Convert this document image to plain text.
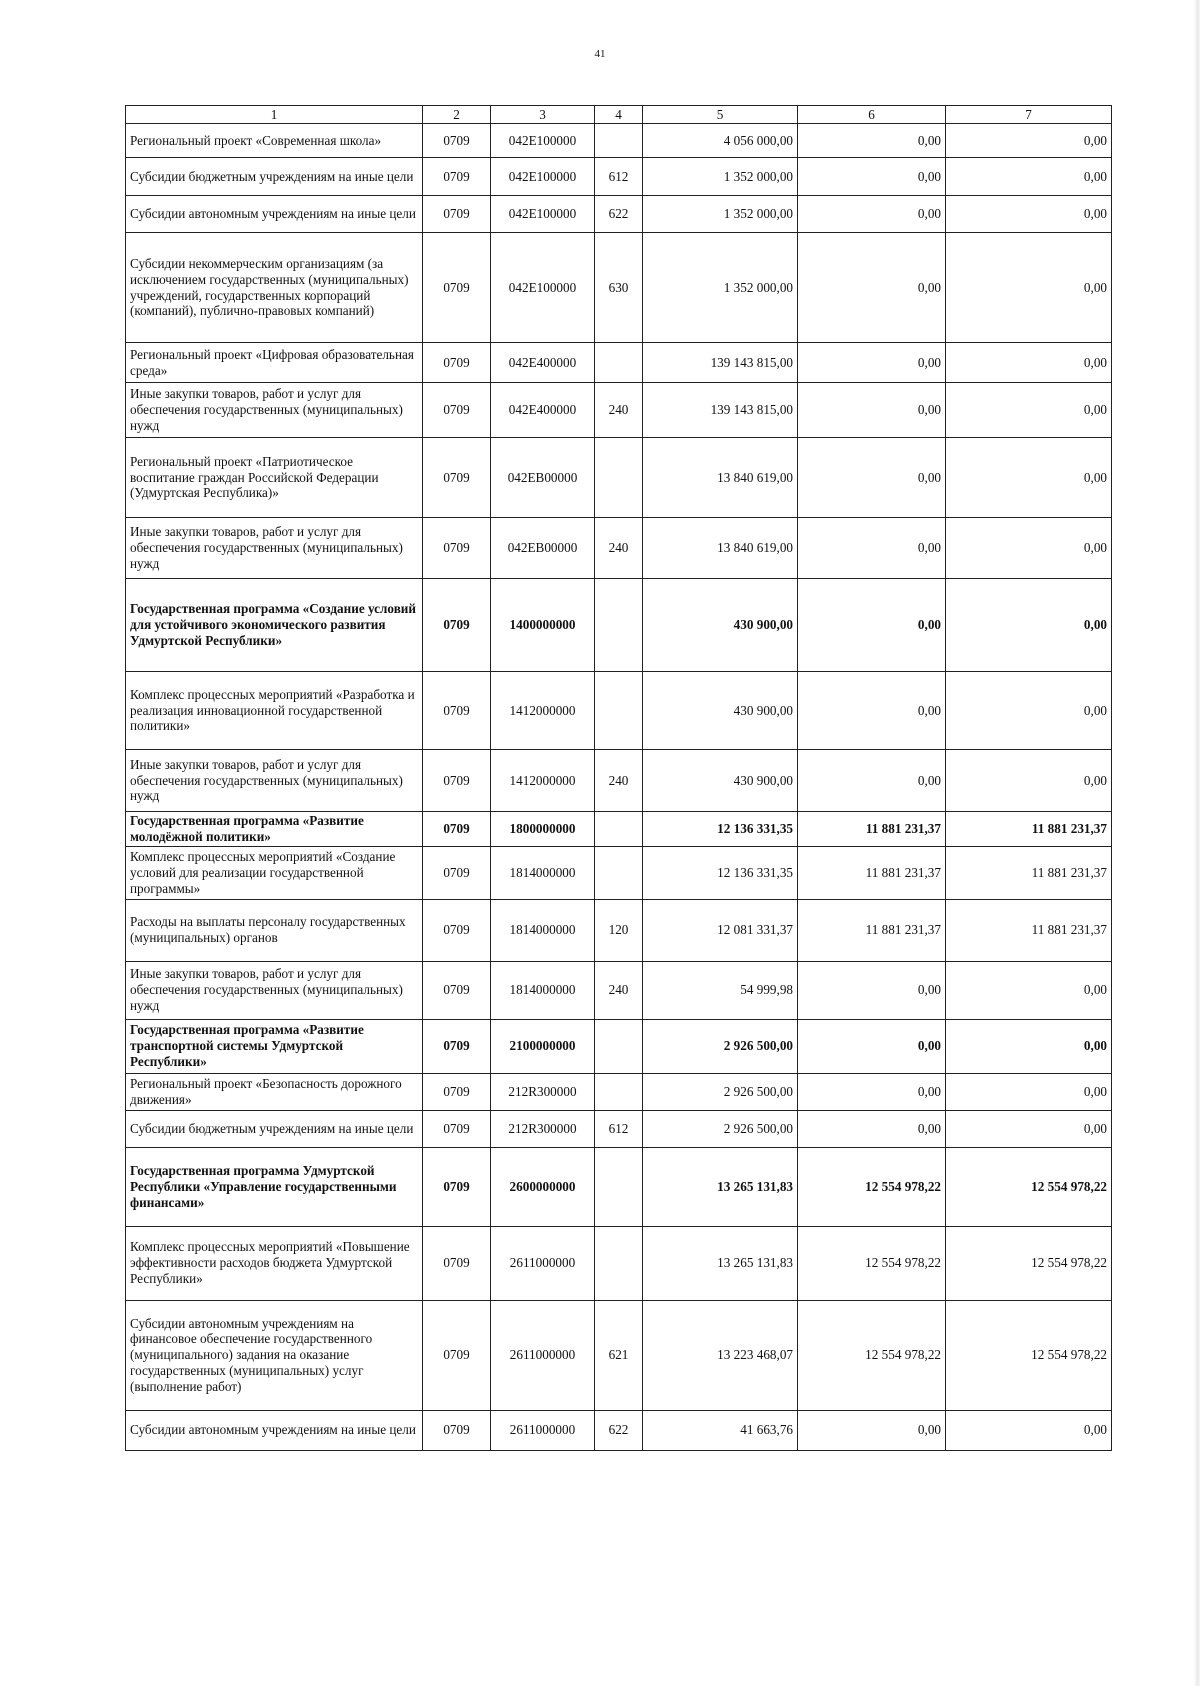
41
1	2	3	4	5	6	7
Региональный проект «Современная школа»	0709	042E100000		4 056 000,00	0,00	0,00
Субсидии бюджетным учреждениям на иные цели	0709	042E100000	612	1 352 000,00	0,00	0,00
Субсидии автономным учреждениям на иные цели	0709	042E100000	622	1 352 000,00	0,00	0,00
Субсидии некоммерческим организациям (за исключением государственных (муниципальных) учреждений, государственных корпораций (компаний), публично-правовых компаний)	0709	042E100000	630	1 352 000,00	0,00	0,00
Региональный проект «Цифровая образовательная среда»	0709	042E400000		139 143 815,00	0,00	0,00
Иные закупки товаров, работ и услуг для обеспечения государственных (муниципальных) нужд	0709	042E400000	240	139 143 815,00	0,00	0,00
Региональный проект «Патриотическое воспитание граждан Российской Федерации (Удмуртская Республика)»	0709	042EB00000		13 840 619,00	0,00	0,00
Иные закупки товаров, работ и услуг для обеспечения государственных (муниципальных) нужд	0709	042EB00000	240	13 840 619,00	0,00	0,00
Государственная программа «Создание условий для устойчивого экономического развития Удмуртской Республики»	0709	1400000000		430 900,00	0,00	0,00
Комплекс процессных мероприятий «Разработка и реализация инновационной государственной политики»	0709	1412000000		430 900,00	0,00	0,00
Иные закупки товаров, работ и услуг для обеспечения государственных (муниципальных) нужд	0709	1412000000	240	430 900,00	0,00	0,00
Государственная программа «Развитие молодёжной политики»	0709	1800000000		12 136 331,35	11 881 231,37	11 881 231,37
Комплекс процессных мероприятий «Создание условий для реализации государственной программы»	0709	1814000000		12 136 331,35	11 881 231,37	11 881 231,37
Расходы на выплаты персоналу государственных (муниципальных) органов	0709	1814000000	120	12 081 331,37	11 881 231,37	11 881 231,37
Иные закупки товаров, работ и услуг для обеспечения государственных (муниципальных) нужд	0709	1814000000	240	54 999,98	0,00	0,00
Государственная программа «Развитие транспортной системы Удмуртской Республики»	0709	2100000000		2 926 500,00	0,00	0,00
Региональный проект «Безопасность дорожного движения»	0709	212R300000		2 926 500,00	0,00	0,00
Субсидии бюджетным учреждениям на иные цели	0709	212R300000	612	2 926 500,00	0,00	0,00
Государственная программа Удмуртской Республики «Управление государственными финансами»	0709	2600000000		13 265 131,83	12 554 978,22	12 554 978,22
Комплекс процессных мероприятий «Повышение эффективности расходов бюджета Удмуртской Республики»	0709	2611000000		13 265 131,83	12 554 978,22	12 554 978,22
Субсидии автономным учреждениям на финансовое обеспечение государственного (муниципального) задания на оказание государственных (муниципальных) услуг (выполнение работ)	0709	2611000000	621	13 223 468,07	12 554 978,22	12 554 978,22
Субсидии автономным учреждениям на иные цели	0709	2611000000	622	41 663,76	0,00	0,00
